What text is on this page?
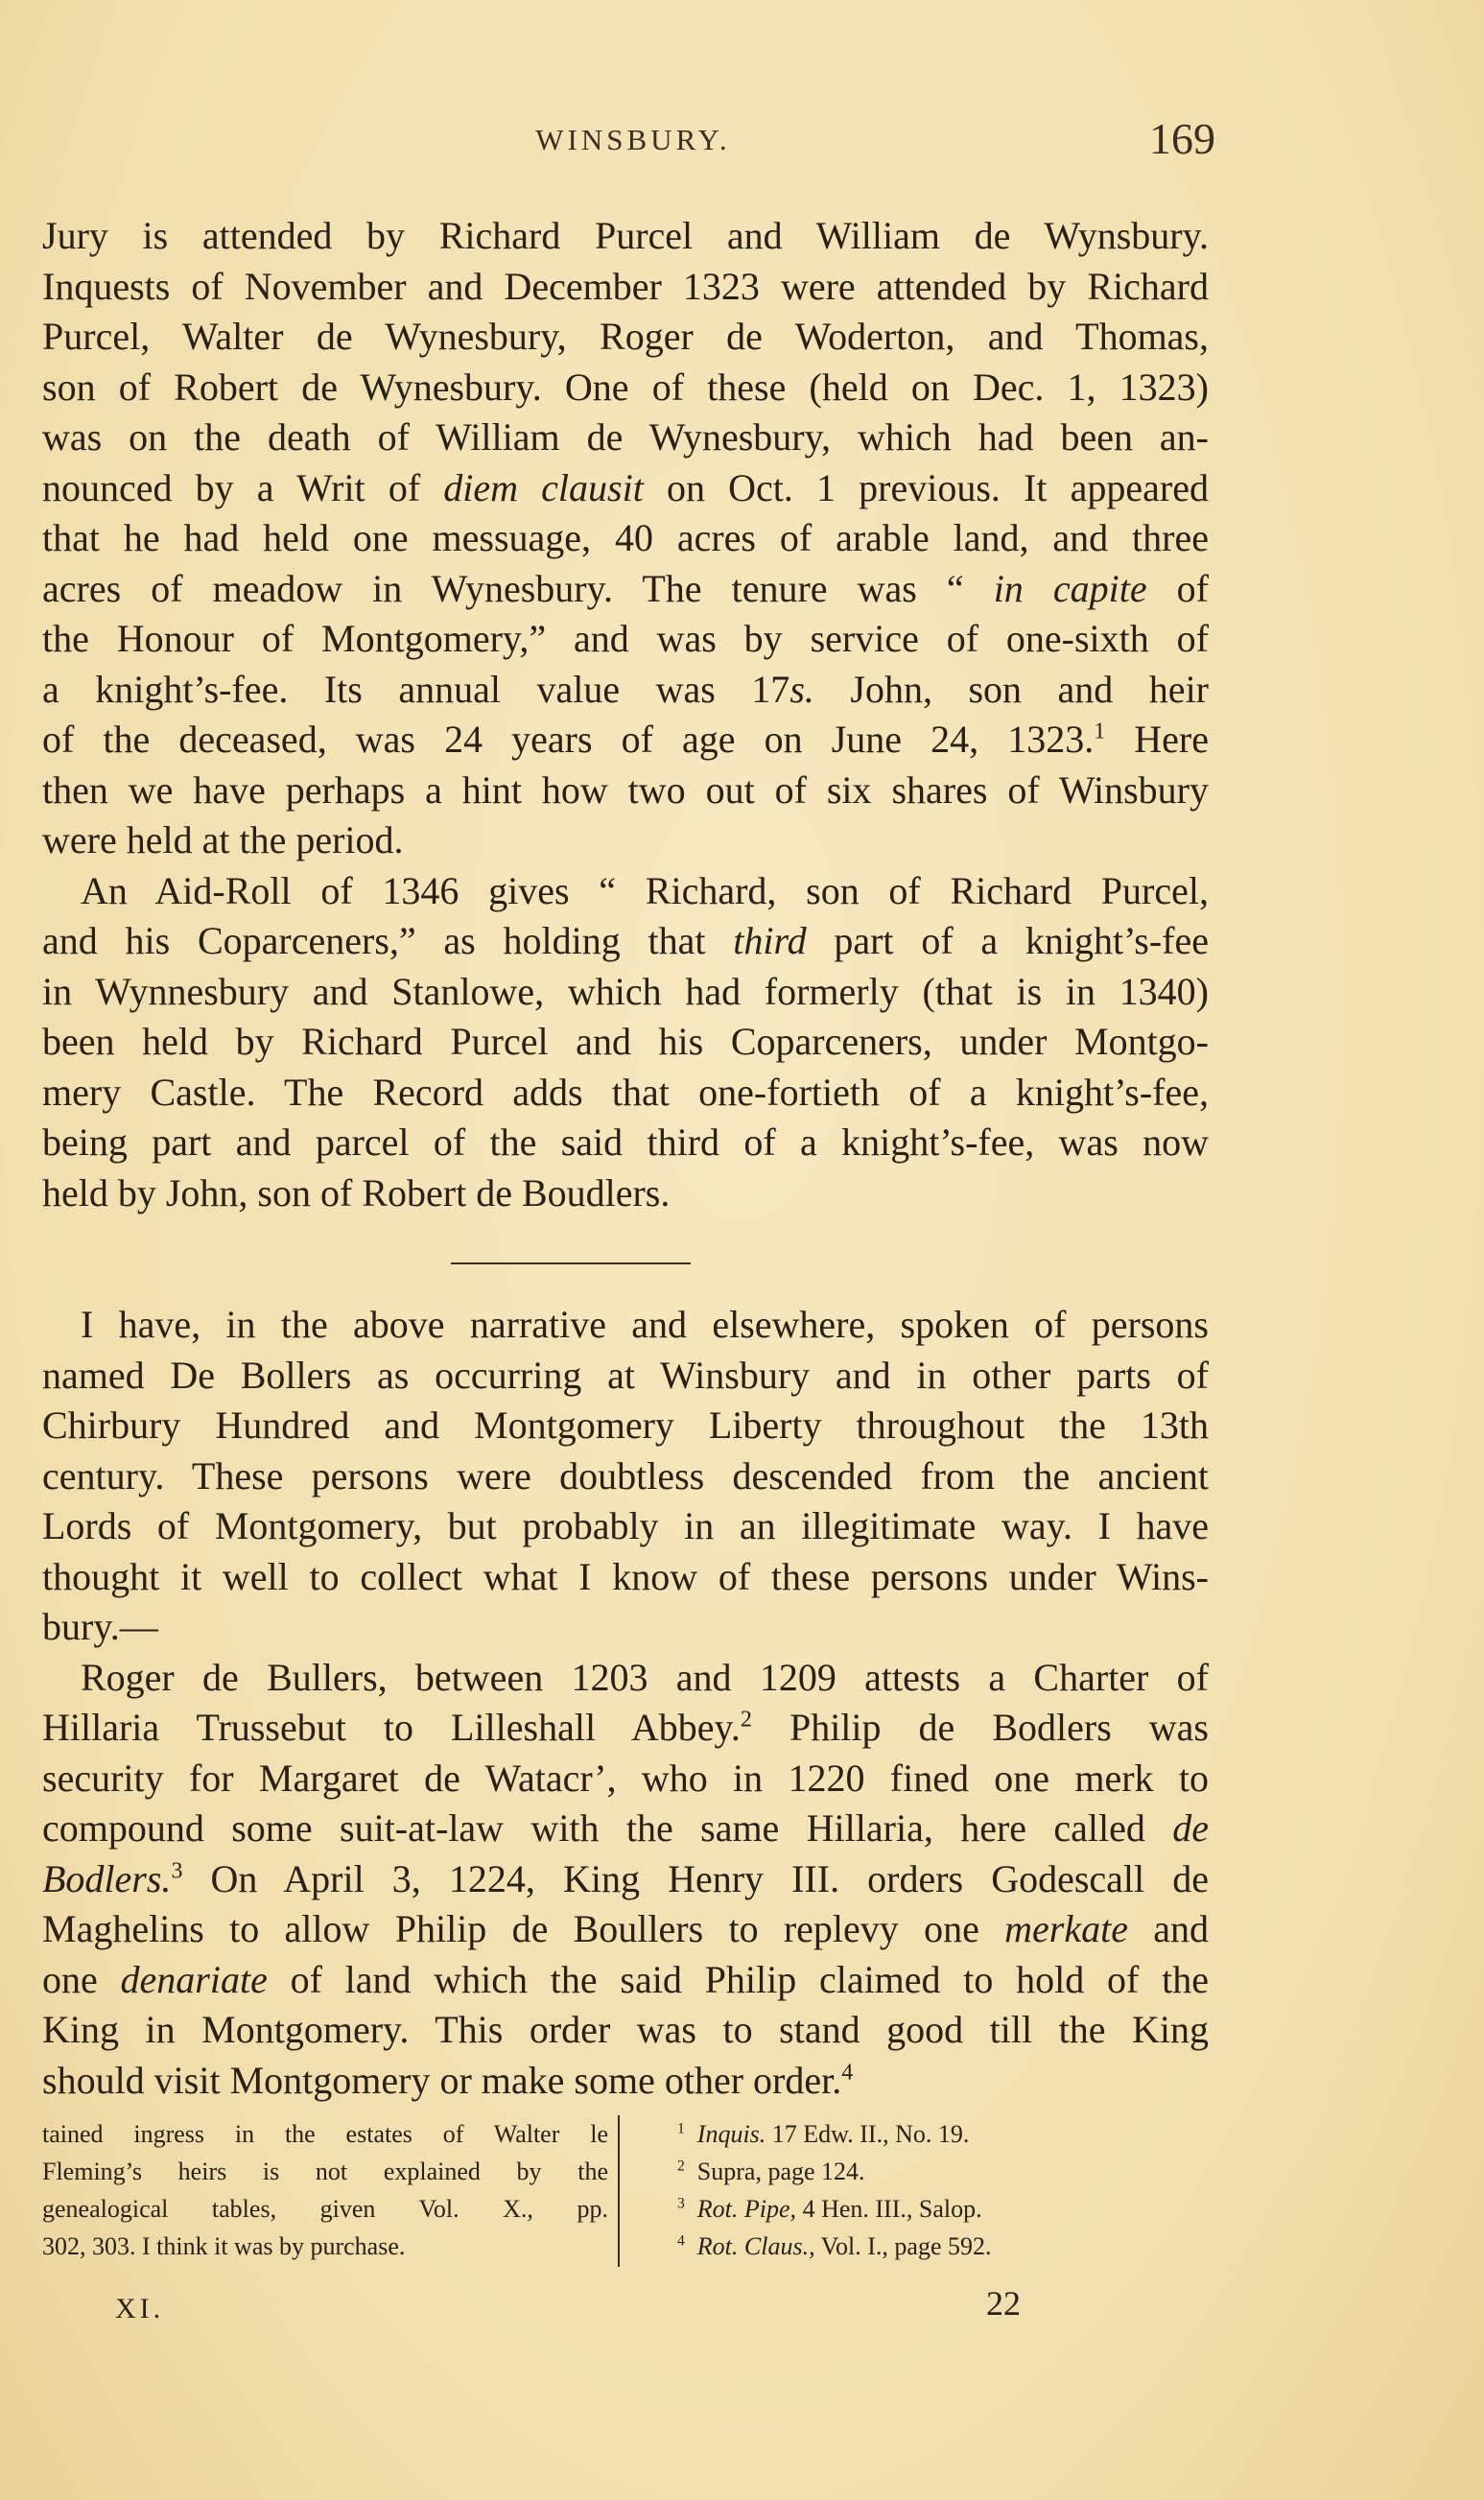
WINSBURY.	169
Jury is attended by Richard Purcel and William de Wynsbury.
Inquests of November and December 1323 were attended by Richard
Purcel, Walter de Wynesbury, Roger de Woderton, and Thomas,
son of Robert de Wynesbury. One of these (held on Dec. 1, 1323)
was on the death of William de Wynesbury, which had been an-
nounced by a Writ of diem clausit on Oct. 1 previous. It appeared
that he had held one messuage, 40 acres of arable land, and three
acres of meadow in Wynesbury. The tenure was “ in capite of
the Honour of Montgomery,” and was by service of one-sixth of
a knight’s-fee. Its annual value was 17s. John, son and heir
of the deceased, was 24 years of age on June 24, 1323.$^1$ Here
then we have perhaps a hint how two out of six shares of Winsbury
were held at the period.
An Aid-Roll of 1346 gives “ Richard, son of Richard Purcel,
and his Coparceners,” as holding that third part of a knight’s-fee
in Wynnesbury and Stanlowe, which had formerly (that is in 1340)
been held by Richard Purcel and his Coparceners, under Montgo-
mery Castle. The Record adds that one-fortieth of a knight’s-fee,
being part and parcel of the said third of a knight’s-fee, was now
held by John, son of Robert de Boudlers.
I have, in the above narrative and elsewhere, spoken of persons
named De Bollers as occurring at Winsbury and in other parts of
Chirbury Hundred and Montgomery Liberty throughout the 13th
century. These persons were doubtless descended from the ancient
Lords of Montgomery, but probably in an illegitimate way. I have
thought it well to collect what I know of these persons under Wins-
bury.—
Roger de Bullers, between 1203 and 1209 attests a Charter of
Hillaria Trussebut to Lilleshall Abbey.$^2$ Philip de Bodlers was
security for Margaret de Watacr’, who in 1220 fined one merk to
compound some suit-at-law with the same Hillaria, here called de
Bodlers.$^3$ On April 3, 1224, King Henry III. orders Godescall de
Maghelins to allow Philip de Boullers to replevy one merkate and
one denariate of land which the said Philip claimed to hold of the
King in Montgomery. This order was to stand good till the King
should visit Montgomery or make some other order.$^4$
tained ingress in the estates of Walter le
Fleming’s heirs is not explained by the
genealogical tables, given Vol. X., pp.
302, 303. I think it was by purchase.
$^1$ Inquis. 17 Edw. II., No. 19.
$^2$  Supra, page 124.
$^3$ Rot. Pipe, 4 Hen. III., Salop.
$^4$ Rot. Claus., Vol. I., page 592.
XI.	22
